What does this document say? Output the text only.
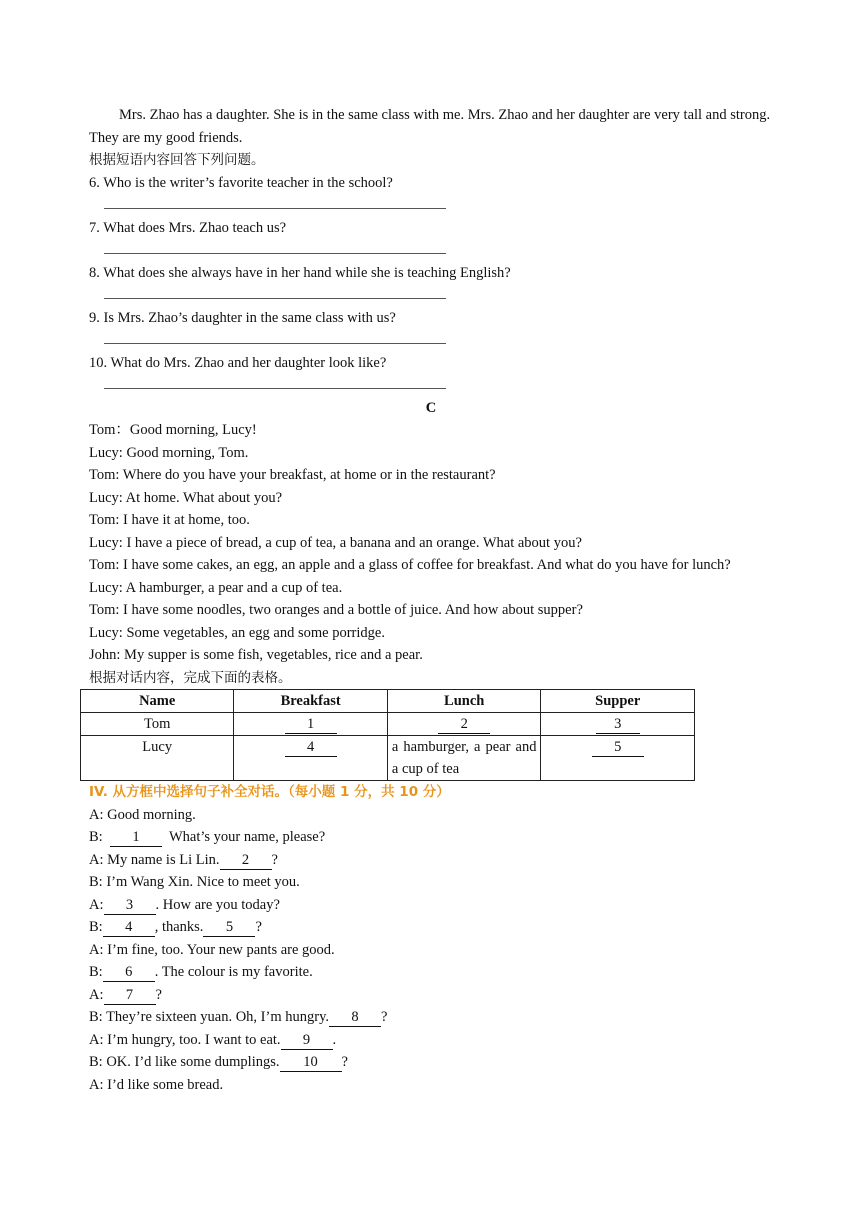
Mrs. Zhao has a daughter. She is in the same class with me. Mrs. Zhao and her daughter are very tall and strong. They are my good friends.
根据短语内容回答下列问题。
6. Who is the writer’s favorite teacher in the school?
7. What does Mrs. Zhao teach us?
8. What does she always have in her hand while she is teaching English?
9. Is Mrs. Zhao’s daughter in the same class with us?
10. What do Mrs. Zhao and her daughter look like?
C
Tom：Good morning, Lucy!
Lucy: Good morning, Tom.
Tom: Where do you have your breakfast, at home or in the restaurant?
Lucy: At home. What about you?
Tom: I have it at home, too.
Lucy: I have a piece of bread, a cup of tea, a banana and an orange. What about you?
Tom: I have some cakes, an egg, an apple and a glass of coffee for breakfast. And what do you have for lunch?
Lucy: A hamburger, a pear and a cup of tea.
Tom: I have some noodles, two oranges and a bottle of juice. And how about supper?
Lucy: Some vegetables, an egg and some porridge.
John: My supper is some fish, vegetables, rice and a pear.
根据对话内容，完成下面的表格。
Name	Breakfast	Lunch	Supper
Tom	1	2	3
Lucy	4	a hamburger, a pear and a cup of tea	5
IV. 从方框中选择句子补全对话。（每小题 1 分，共 10 分）
A: Good morning.
B:  1  What’s your name, please?
A: My name is Li Lin. 2 ?
B: I’m Wang Xin. Nice to meet you.
A: 3 . How are you today?
B: 4 , thanks. 5 ?
A: I’m fine, too. Your new pants are good.
B: 6 . The colour is my favorite.
A: 7 ?
B: They’re sixteen yuan. Oh, I’m hungry. 8 ?
A: I’m hungry, too. I want to eat. 9 .
B: OK. I’d like some dumplings. 10 ?
A: I’d like some bread.
